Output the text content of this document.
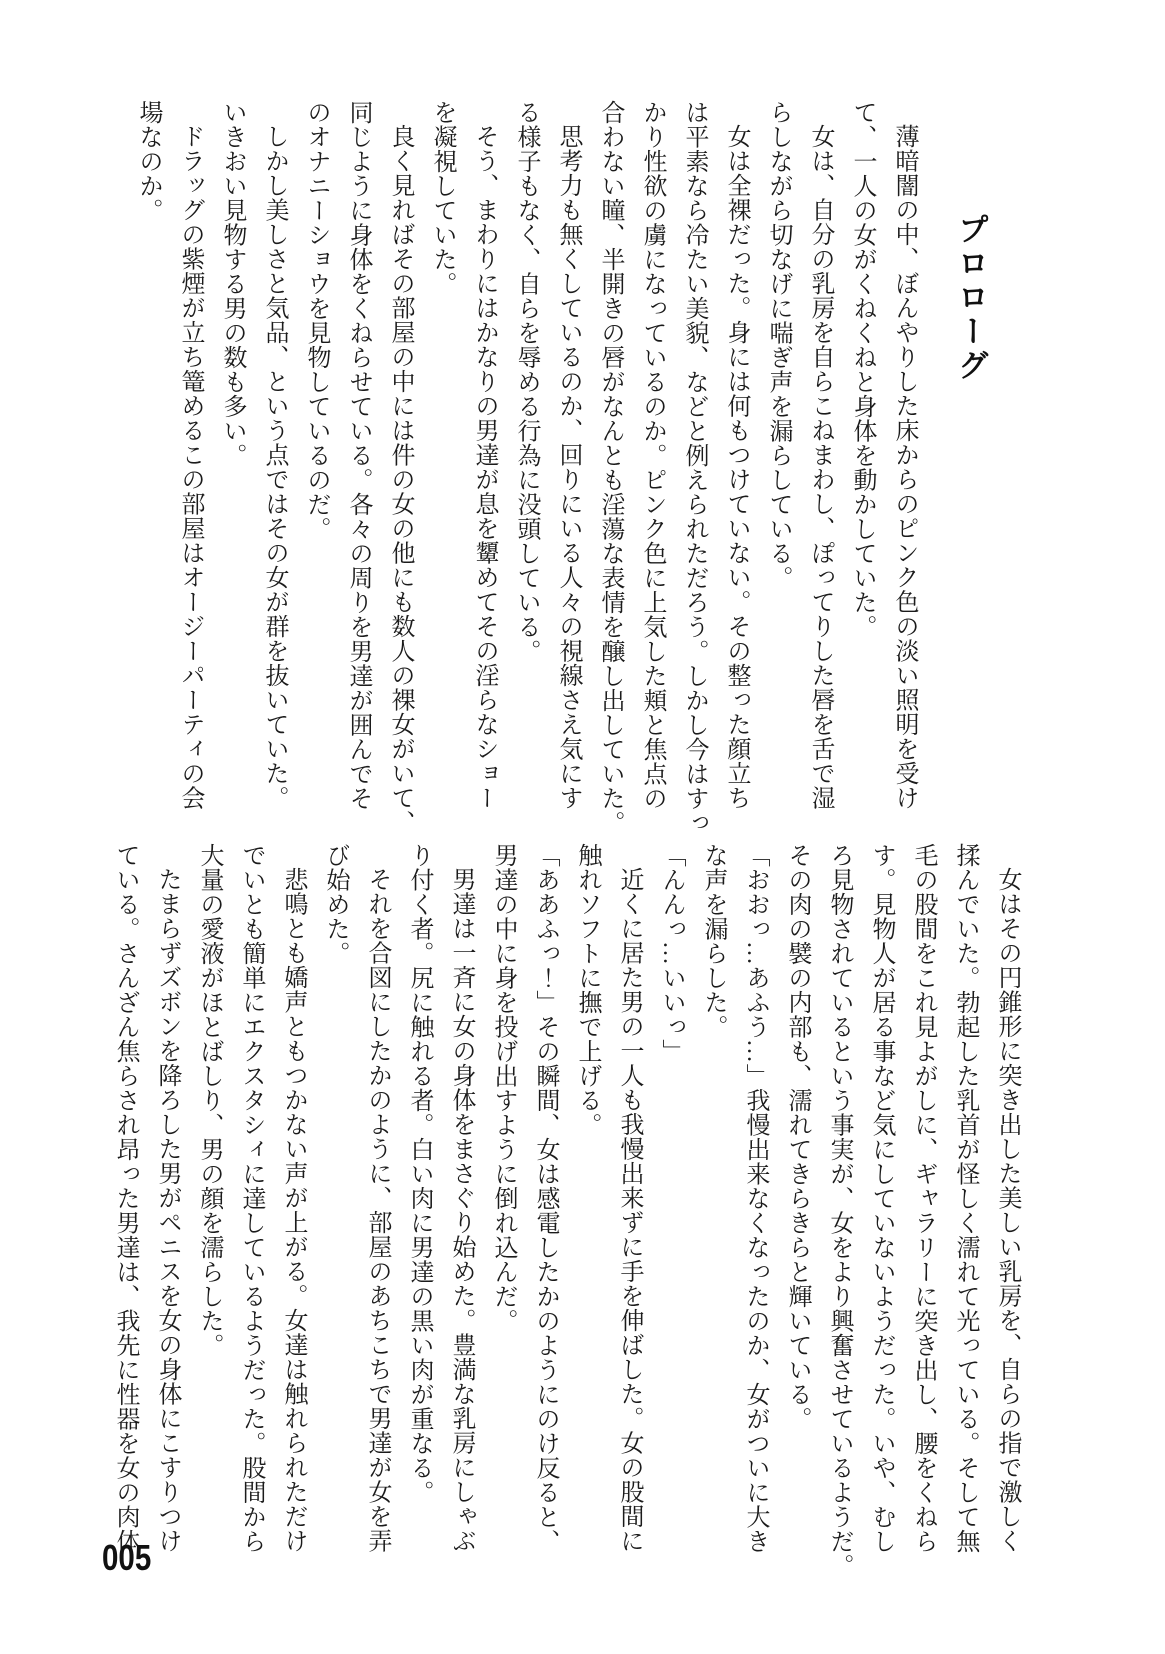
プロローグ

薄暗闇の中、ぼんやりした床からのピンク色の淡い照明を受け

て、一人の女がくねくねと身体を動かしていた。

女は、自分の乳房を自らこねまわし、ぽってりした唇を舌で湿

らしながら切なげに喘ぎ声を漏らしている。

女は全裸だった。身には何もつけていない。その整った顔立ち

は平素なら冷たい美貌、などと例えられただろう。しかし今はすっ

かり性欲の虜になっているのか。ピンク色に上気した頬と焦点の

合わない瞳、半開きの唇がなんとも淫蕩な表情を醸し出していた。

思考力も無くしているのか、回りにいる人々の視線さえ気にす

る様子もなく、自らを辱める行為に没頭している。

そう、まわりにはかなりの男達が息を顰めてその淫らなショー

を凝視していた。

良く見ればその部屋の中には件の女の他にも数人の裸女がいて、

同じように身体をくねらせている。各々の周りを男達が囲んでそ

のオナニーショウを見物しているのだ。

しかし美しさと気品、という点ではその女が群を抜いていた。

いきおい見物する男の数も多い。

ドラッグの紫煙が立ち篭めるこの部屋はオージーパーティの会

場なのか。

女はその円錐形に突き出した美しい乳房を、自らの指で激しく

揉んでいた。勃起した乳首が怪しく濡れて光っている。そして無

毛の股間をこれ見よがしに、ギャラリーに突き出し、腰をくねら

す。見物人が居る事など気にしていないようだった。いや、むし

ろ見物されているという事実が、女をより興奮させているようだ。

その肉の襞の内部も、濡れてきらきらと輝いている。

「おおっ…あふう…」我慢出来なくなったのか、女がついに大き

な声を漏らした。

「んんっ…いいっ」

近くに居た男の一人も我慢出来ずに手を伸ばした。女の股間に

触れソフトに撫で上げる。

「ああふっ！」その瞬間、女は感電したかのようにのけ反ると、

男達の中に身を投げ出すように倒れ込んだ。

男達は一斉に女の身体をまさぐり始めた。豊満な乳房にしゃぶ

り付く者。尻に触れる者。白い肉に男達の黒い肉が重なる。

それを合図にしたかのように、部屋のあちこちで男達が女を弄

び始めた。

悲鳴とも嬌声ともつかない声が上がる。女達は触れられただけ

でいとも簡単にエクスタシィに達しているようだった。股間から

大量の愛液がほとばしり、男の顔を濡らした。

たまらずズボンを降ろした男がペニスを女の身体にこすりつけ

ている。さんざん焦らされ昂った男達は、我先に性器を女の肉体

005
